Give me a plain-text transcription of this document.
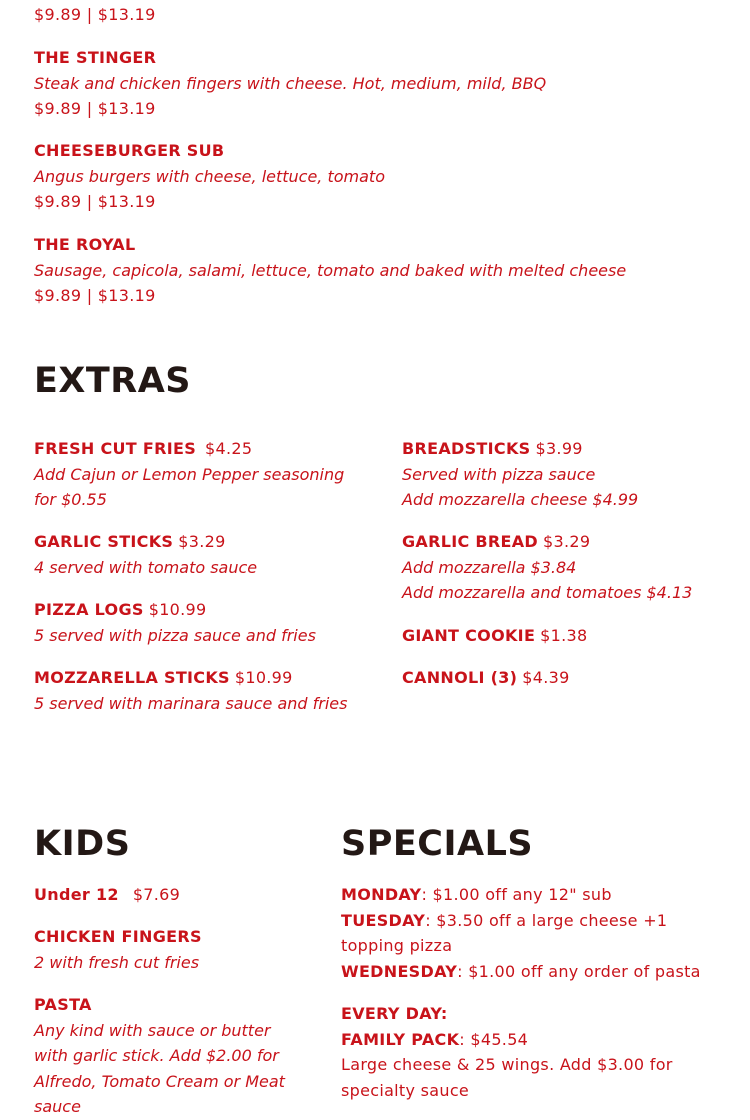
$9.89 | $13.19
THE STINGER
Steak and chicken fingers with cheese. Hot, medium, mild, BBQ
$9.89 | $13.19
CHEESEBURGER SUB
Angus burgers with cheese, lettuce, tomato
$9.89 | $13.19
THE ROYAL
Sausage, capicola, salami, lettuce, tomato and baked with melted cheese
$9.89 | $13.19
EXTRAS
FRESH CUT FRIES $4.25
Add Cajun or Lemon Pepper seasoning
for $0.55
GARLIC STICKS $3.29
4 served with tomato sauce
PIZZA LOGS $10.99
5 served with pizza sauce and fries
MOZZARELLA STICKS $10.99
5 served with marinara sauce and fries
BREADSTICKS $3.99
Served with pizza sauce
Add mozzarella cheese $4.99
GARLIC BREAD $3.29
Add mozzarella $3.84
Add mozzarella and tomatoes $4.13
GIANT COOKIE $1.38
CANNOLI (3) $4.39
KIDS
Under 12 $7.69
CHICKEN FINGERS
2 with fresh cut fries
PASTA
Any kind with sauce or butter with garlic stick. Add $2.00 for Alfredo, Tomato Cream or Meat sauce
SPECIALS
MONDAY: $1.00 off any 12" sub
TUESDAY: $3.50 off a large cheese +1 topping pizza
WEDNESDAY: $1.00 off any order of pasta
EVERY DAY:
FAMILY PACK: $45.54
Large cheese & 25 wings. Add $3.00 for specialty sauce
